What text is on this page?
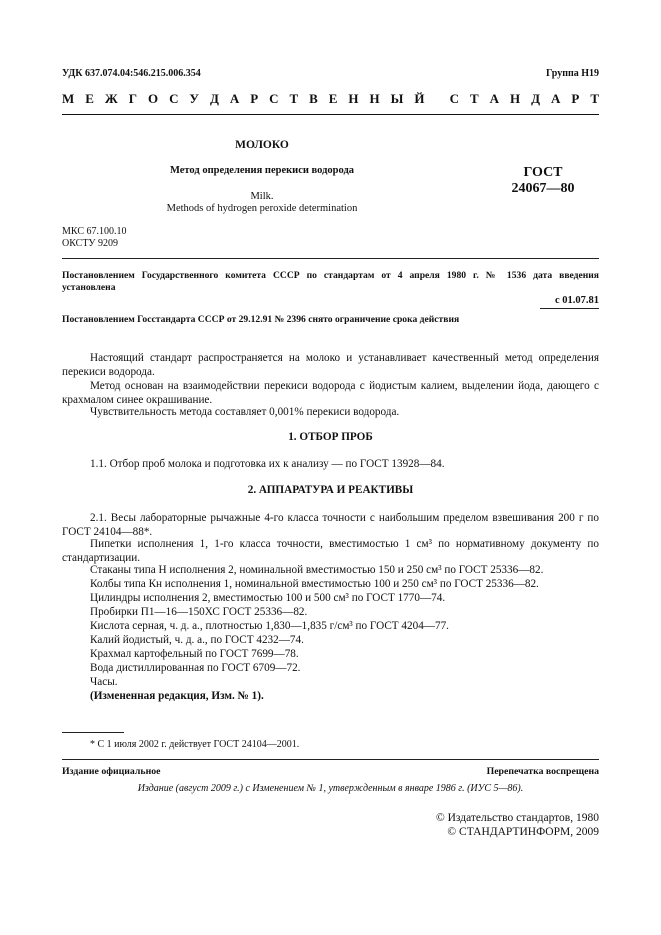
УДК 637.074.04:546.215.006.354	Группа Н19
М Е Ж Г О С У Д А Р С Т В Е Н Н Ы Й
С Т А Н Д А Р Т
МОЛОКО
Метод определения перекиси водорода
Milk.
Methods of hydrogen peroxide determination
ГОСТ
24067—80
МКС 67.100.10
ОКСТУ 9209
Постановлением Государственного комитета СССР по стандартам от 4 апреля 1980 г. № 1536 дата введения
установлена
с 01.07.81
Постановлением Госстандарта СССР от 29.12.91 № 2396 снято ограничение срока действия
Настоящий стандарт распространяется на молоко и устанавливает качественный метод определения перекиси водорода.
Метод основан на взаимодействии перекиси водорода с йодистым калием, выделении йода, дающего с крахмалом синее окрашивание.
Чувствительность метода составляет 0,001% перекиси водорода.
1. ОТБОР ПРОБ
1.1. Отбор проб молока и подготовка их к анализу — по ГОСТ 13928—84.
2. АППАРАТУРА И РЕАКТИВЫ
2.1. Весы лабораторные рычажные 4-го класса точности с наибольшим пределом взвешивания 200 г по ГОСТ 24104—88*.
Пипетки исполнения 1, 1-го класса точности, вместимостью 1 см³ по нормативному документу по стандартизации.
Стаканы типа Н исполнения 2, номинальной вместимостью 150 и 250 см³ по ГОСТ 25336—82.
Колбы типа Кн исполнения 1, номинальной вместимостью 100 и 250 см³ по ГОСТ 25336—82.
Цилиндры исполнения 2, вместимостью 100 и 500 см³ по ГОСТ 1770—74.
Пробирки П1—16—150ХС ГОСТ 25336—82.
Кислота серная, ч. д. а., плотностью 1,830—1,835 г/см³ по ГОСТ 4204—77.
Калий йодистый, ч. д. а., по ГОСТ 4232—74.
Крахмал картофельный по ГОСТ 7699—78.
Вода дистиллированная по ГОСТ 6709—72.
Часы.
(Измененная редакция, Изм. № 1).
* С 1 июля 2002 г. действует ГОСТ 24104—2001.
Издание официальное	Перепечатка воспрещена
Издание (август 2009 г.) с Изменением № 1, утвержденным в январе 1986 г. (ИУС 5—86).
© Издательство стандартов, 1980
© СТАНДАРТИНФОРМ, 2009
